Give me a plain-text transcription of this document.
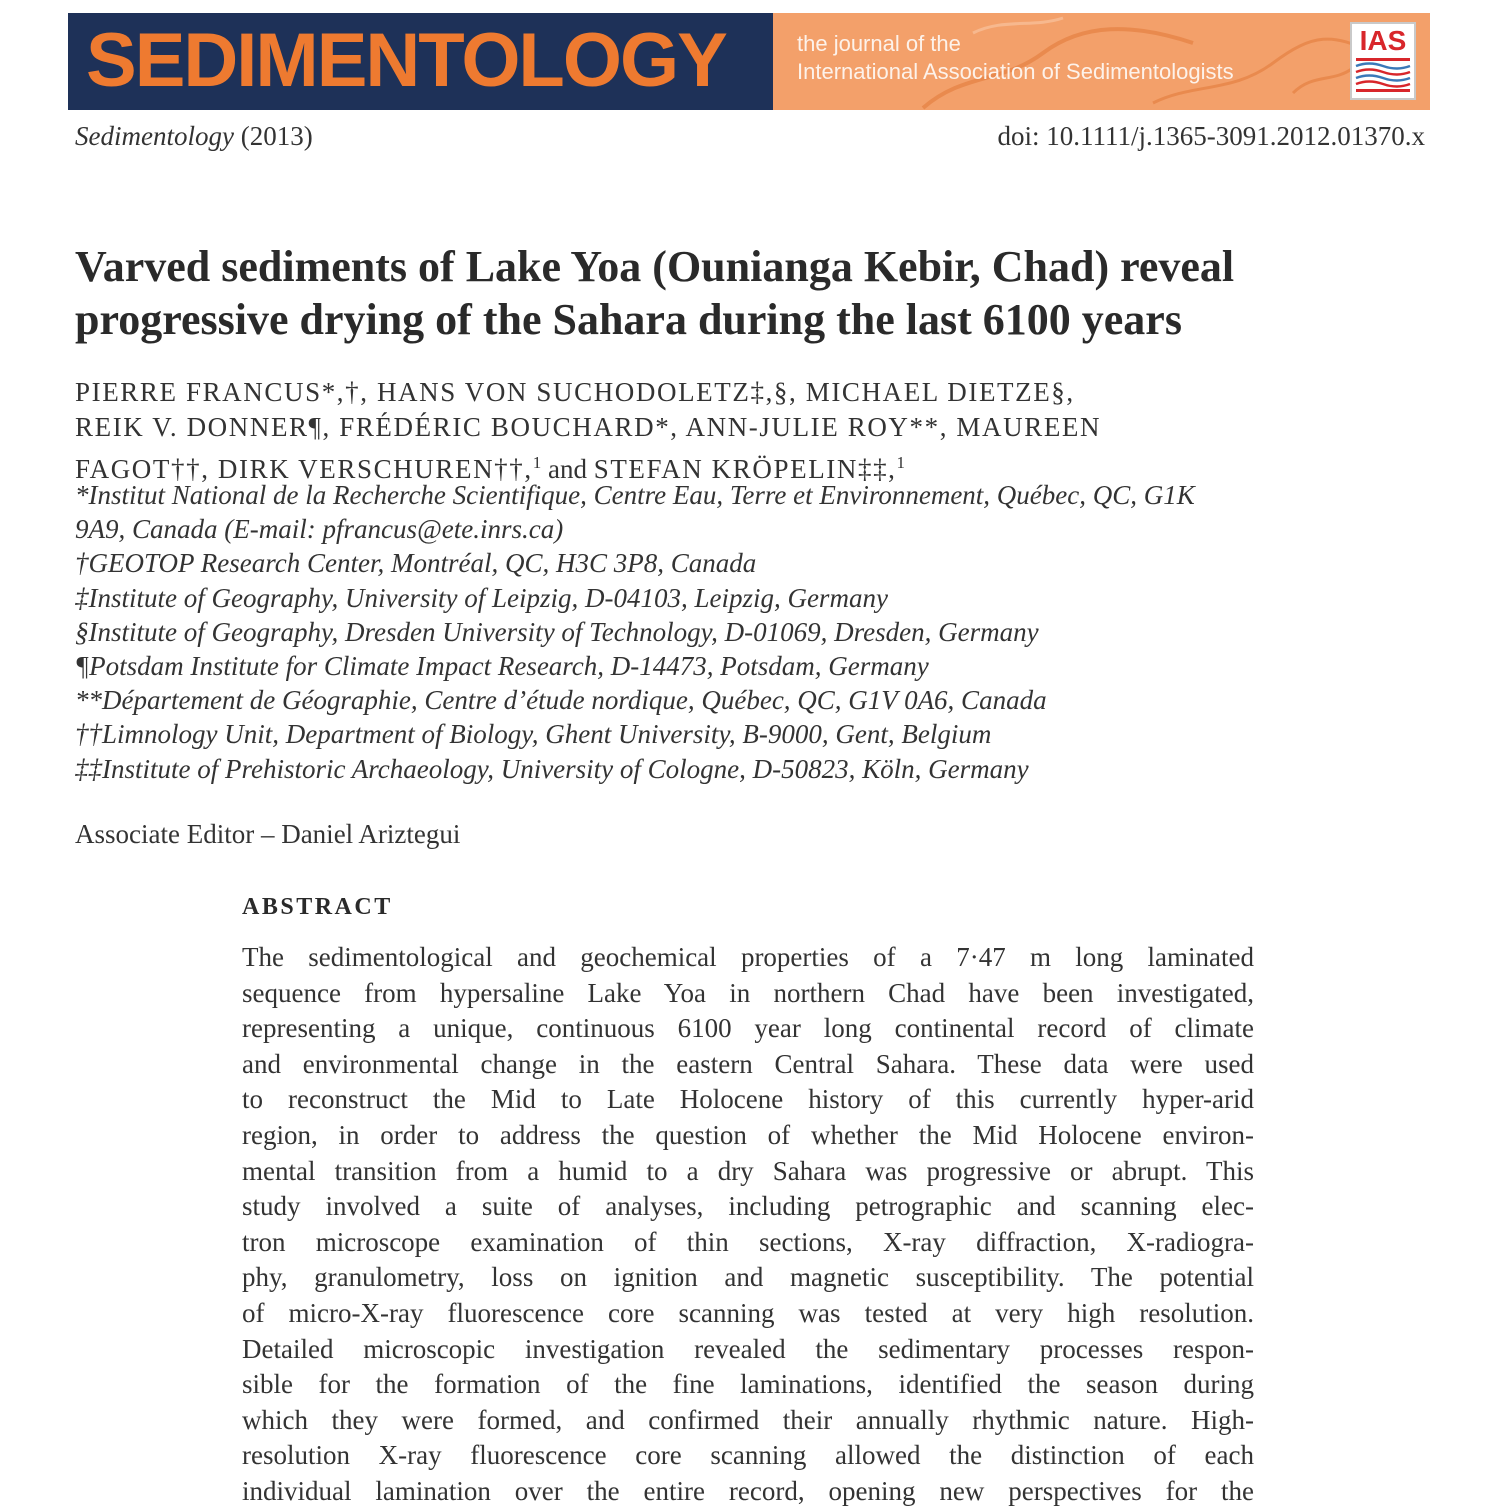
SEDIMENTOLOGY	the journal of the
International Association of Sedimentologists
IAS
Sedimentology (2013)	doi: 10.1111/j.1365-3091.2012.01370.x
Varved sediments of Lake Yoa (Ounianga Kebir, Chad) reveal
progressive drying of the Sahara during the last 6100 years
PIERRE FRANCUS*,†, HANS VON SUCHODOLETZ‡,§, MICHAEL DIETZE§,
REIK V. DONNER¶, FRÉDÉRIC BOUCHARD*, ANN-JULIE ROY**, MAUREEN
FAGOT††, DIRK VERSCHUREN††,$^1$ and STEFAN KRÖPELIN‡‡,$^1$
*Institut National de la Recherche Scientifique, Centre Eau, Terre et Environnement, Québec, QC, G1K
9A9, Canada (E-mail: pfrancus@ete.inrs.ca)
†GEOTOP Research Center, Montréal, QC, H3C 3P8, Canada
‡Institute of Geography, University of Leipzig, D-04103, Leipzig, Germany
§Institute of Geography, Dresden University of Technology, D-01069, Dresden, Germany
¶Potsdam Institute for Climate Impact Research, D-14473, Potsdam, Germany
**Département de Géographie, Centre d’étude nordique, Québec, QC, G1V 0A6, Canada
††Limnology Unit, Department of Biology, Ghent University, B-9000, Gent, Belgium
‡‡Institute of Prehistoric Archaeology, University of Cologne, D-50823, Köln, Germany
Associate Editor – Daniel Ariztegui
ABSTRACT
The sedimentological and geochemical properties of a 7·47 m long laminated
sequence from hypersaline Lake Yoa in northern Chad have been investigated,
representing a unique, continuous 6100 year long continental record of climate
and environmental change in the eastern Central Sahara. These data were used
to reconstruct the Mid to Late Holocene history of this currently hyper-arid
region, in order to address the question of whether the Mid Holocene environ-
mental transition from a humid to a dry Sahara was progressive or abrupt. This
study involved a suite of analyses, including petrographic and scanning elec-
tron microscope examination of thin sections, X-ray diffraction, X-radiogra-
phy, granulometry, loss on ignition and magnetic susceptibility. The potential
of micro-X-ray fluorescence core scanning was tested at very high resolution.
Detailed microscopic investigation revealed the sedimentary processes respon-
sible for the formation of the fine laminations, identified the season during
which they were formed, and confirmed their annually rhythmic nature. High-
resolution X-ray fluorescence core scanning allowed the distinction of each
individual lamination over the entire record, opening new perspectives for the
